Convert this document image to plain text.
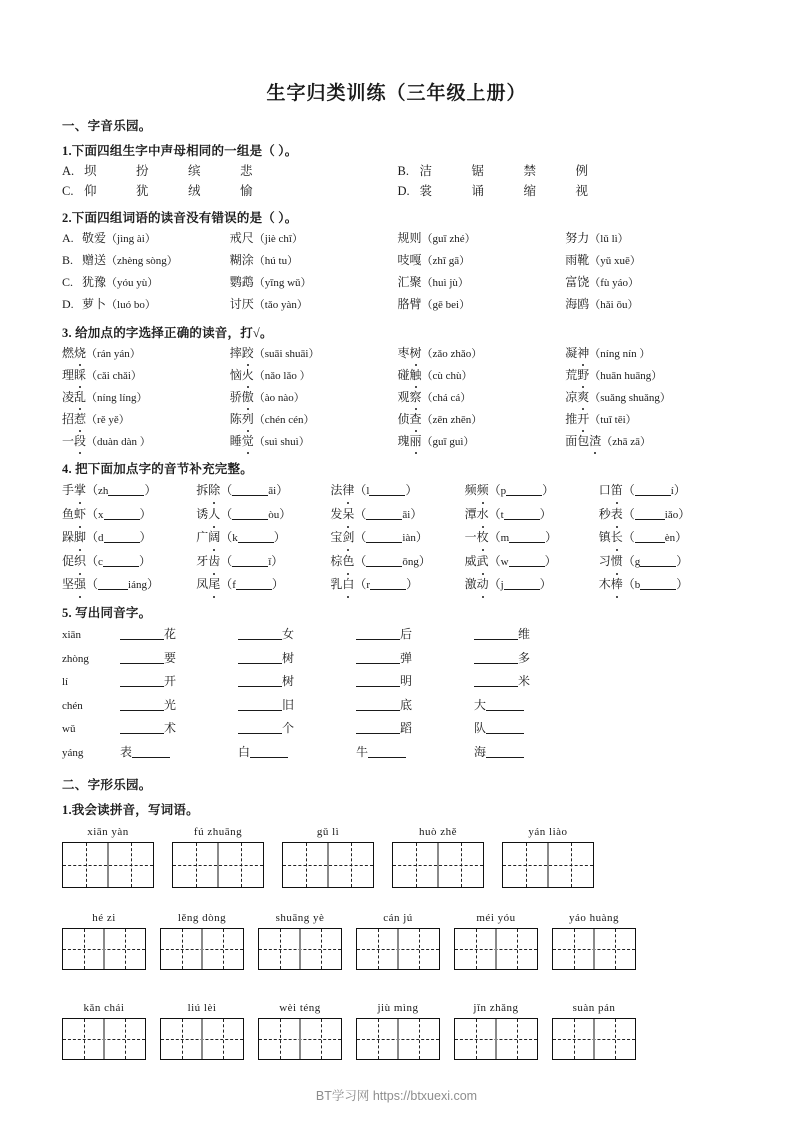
生字归类训练（三年级上册）
一、字音乐园。
1.下面四组生字中声母相同的一组是（ ）。
A. 坝	扮	缤	悲	B. 洁	锯	禁	例
C. 仰	犹	绒	愉	D. 裳	诵	缩	视
2.下面四组词语的读音没有错误的是（ ）。
A. 敬爱（jìng ài）	戒尺（jiè chī）	规则（guī zhé）	努力（lǔ lì）
B. 赠送（zhèng sòng）	糊涂（hú tu）	吱嘎（zhī gā）	雨靴（yǔ xuē）
C. 犹豫（yóu yù）	鹦鹉（yīng wǔ）	汇聚（huì jù）	富饶（fù yáo）
D. 萝卜（luó bo）	讨厌（tǎo yàn）	胳臂（gē bei）	海鸥（hǎi ōu）
3. 给加点的字选择正确的读音，打√。
燃烧（rán yán）	摔跤（suāi shuāi）	枣树（zǎo zhǎo）	凝神（níng nín ）
理睬（cǎi chǎi）	恼火（nǎo lǎo ）	碰触（cù chù）	荒野（huān huāng）
凌乱（níng líng）	骄傲（ào nào）	观察（chá cá）	凉爽（suǎng shuǎng）
招惹（rě yě）	陈列（chén cén）	侦查（zēn zhēn）	推开（tuī tēi）
一段（duàn dàn ）	睡觉（suì shuì）	瑰丽（guī guì）	面包渣（zhā zā）
4. 把下面加点字的音节补充完整。
手掌（zh	）	拆除（	āi）	法律（l	）	频频（p	）	口笛（	í）
鱼虾（x	）	诱人（	òu）	发呆（	āi）	潭水（t	）	秒表（	iǎo）
跺脚（d	）	广阔（k	）	宝剑（	iàn）	一枚（m	）	镇长（	èn）
促织（c	）	牙齿（	ǐ）	棕色（	ōng）	威武（w	）	习惯（g	）
坚强（	iáng）	凤尾（f	）	乳白（r	）	激动（j	）	木棒（b	）
5. 写出同音字。
xiān	花	女	后	维
zhòng	要	树	弹	多
lí	开	树	明	米
chén	光	旧	底	大
wǔ	术	个	蹈	队
yáng	表	白	牛	海
二、字形乐园。
1.我会读拼音，写词语。
xiān yàn	fú zhuāng	gǔ lì	huò zhě	yán liào
hé zi	lěng dòng	shuāng yè	cán jú	méi yóu	yáo huàng
kǎn chái	liú lèi	wèi téng	jiù mìng	jǐn zhǎng	suàn pán
BT学习网 https://btxuexi.com
